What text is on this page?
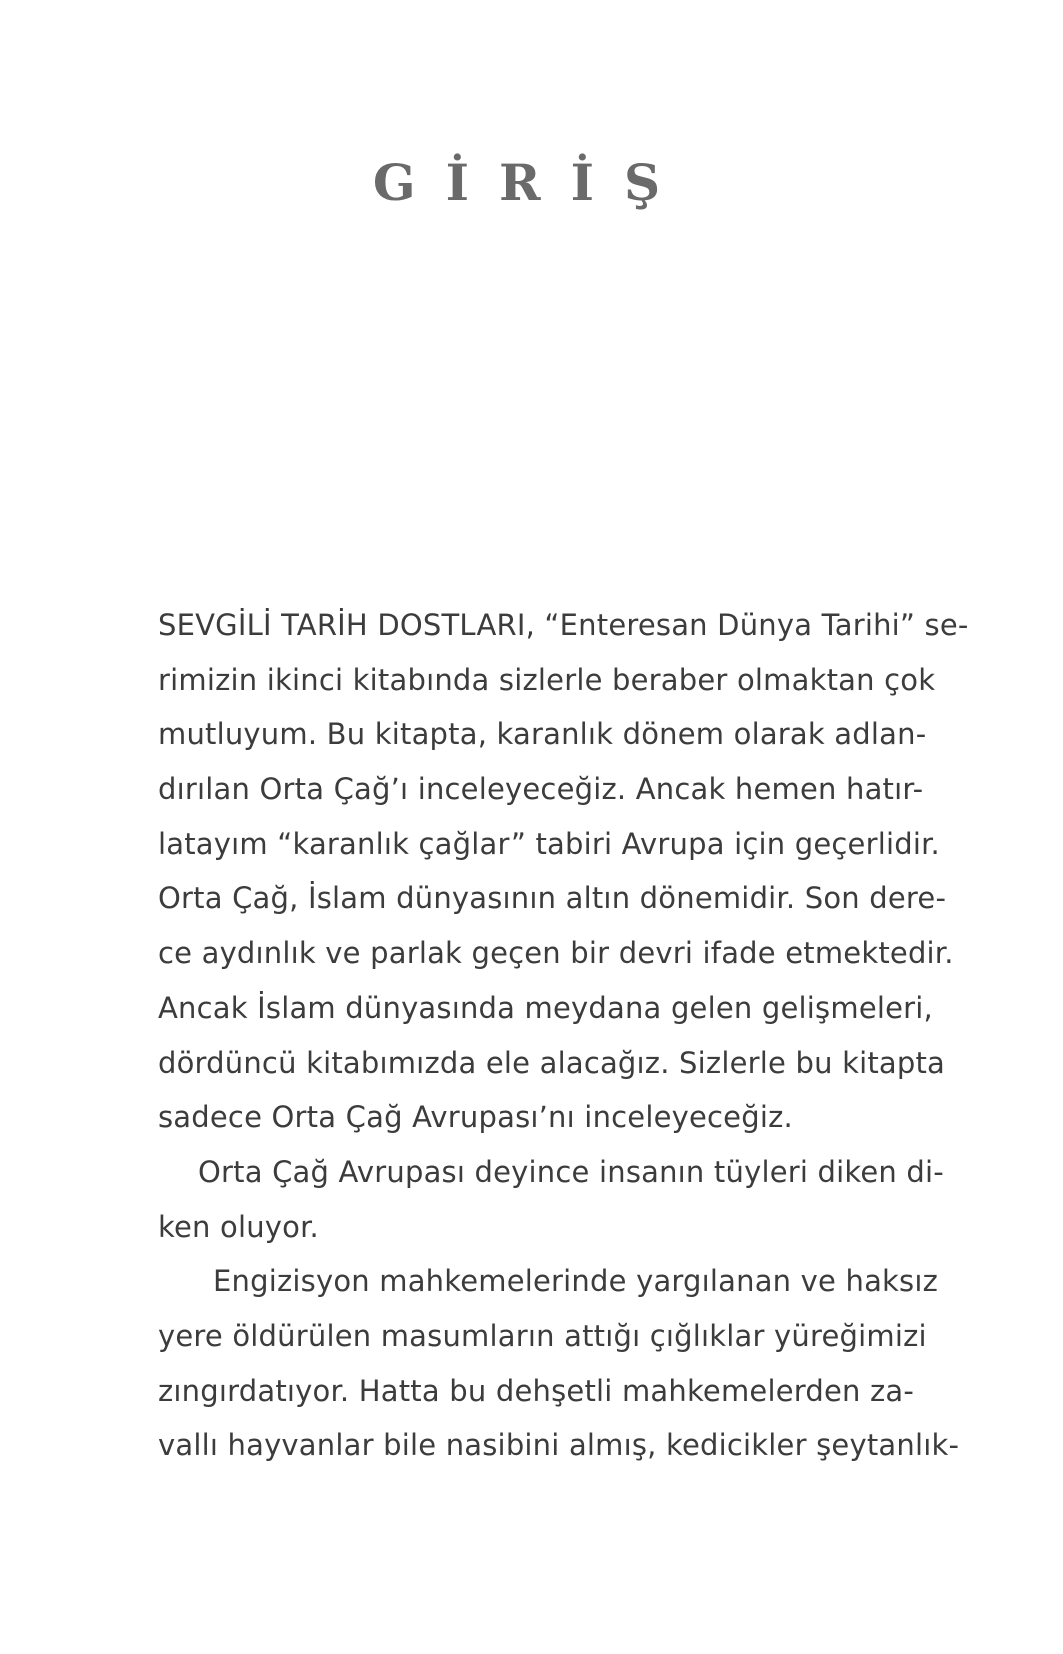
GİRİŞ
SEVGİLİ TARİH DOSTLARI, “Enteresan Dünya Tarihi” se-
rimizin ikinci kitabında sizlerle beraber olmaktan çok
mutluyum. Bu kitapta, karanlık dönem olarak adlan-
dırılan Orta Çağ’ı inceleyeceğiz. Ancak hemen hatır-
latayım “karanlık çağlar” tabiri Avrupa için geçerlidir.
Orta Çağ, İslam dünyasının altın dönemidir. Son dere-
ce aydınlık ve parlak geçen bir devri ifade etmektedir.
Ancak İslam dünyasında meydana gelen gelişmeleri,
dördüncü kitabımızda ele alacağız. Sizlerle bu kitapta
sadece Orta Çağ Avrupası’nı inceleyeceğiz.
Orta Çağ Avrupası deyince insanın tüyleri diken di-
ken oluyor.
Engizisyon mahkemelerinde yargılanan ve haksız
yere öldürülen masumların attığı çığlıklar yüreğimizi
zıngırdatıyor. Hatta bu dehşetli mahkemelerden za-
vallı hayvanlar bile nasibini almış, kedicikler şeytanlık-
